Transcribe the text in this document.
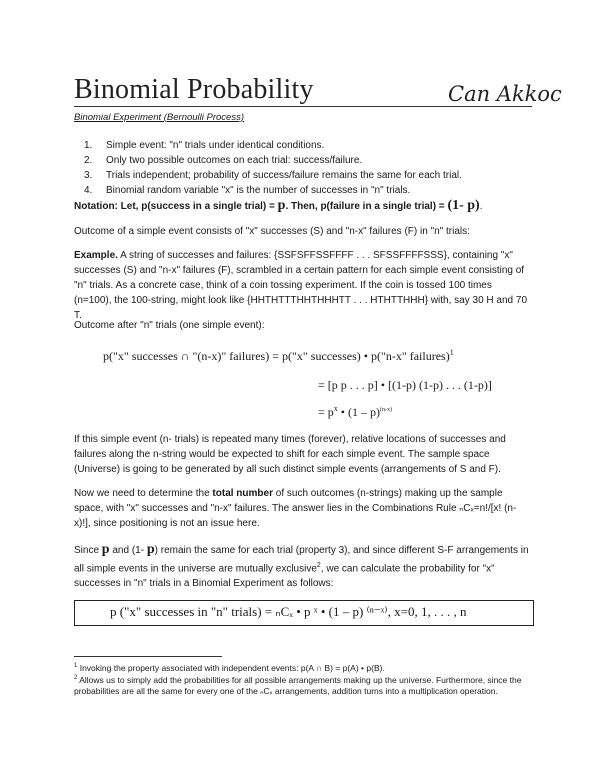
Binomial Probability	Can Akkoc
Binomial Experiment (Bernoulli Process)
1. Simple event: "n" trials under identical conditions.
2. Only two possible outcomes on each trial: success/failure.
3. Trials independent; probability of success/failure remains the same for each trial.
4. Binomial random variable "x" is the number of successes in "n" trials.
Notation: Let, p(success in a single trial) = p. Then, p(failure in a single trial) = (1- p).
Outcome of a simple event consists of "x" successes (S) and "n-x" failures (F) in "n" trials:
Example. A string of successes and failures: {SSFSFFSSFFFF . . . SFSSFFFFSSS}, containing "x" successes (S) and "n-x" failures (F), scrambled in a certain pattern for each simple event consisting of "n" trials. As a concrete case, think of a coin tossing experiment. If the coin is tossed 100 times (n=100), the 100-string, might look like {HHTHTTTHHTHHHTT . . . HTHTTHHH} with, say 30 H and 70 T.
Outcome after "n" trials (one simple event):
p("x" successes ∩ "(n-x)" failures) = p("x" successes) • p("n-x" failures)$^1$
= [p p . . . p] • [(1-p) (1-p) . . . (1-p)]
= $p^x$ • (1 – p)$^{(n-x)}$
If this simple event (n- trials) is repeated many times (forever), relative locations of successes and failures along the n-string would be expected to shift for each simple event. The sample space (Universe) is going to be generated by all such distinct simple events (arrangements of S and F).
Now we need to determine the total number of such outcomes (n-strings) making up the sample space, with "x" successes and "n-x" failures. The answer lies in the Combinations Rule ₙCₓ=n!/[x! (n-x)!], since positioning is not an issue here.
Since p and (1- p) remain the same for each trial (property 3), and since different S-F arrangements in all simple events in the universe are mutually exclusive$^2$, we can calculate the probability for "x" successes in "n" trials in a Binomial Experiment as follows:
p ("x" successes in "n" trials) = ₙCₓ • p ˣ • (1 – p) ⁽ⁿ⁻ˣ⁾, x=0, 1, . . . , n
$^1$ Invoking the property associated with independent events: p(A ∩ B) = p(A) • p(B).
$^2$ Allows us to simply add the probabilities for all possible arrangements making up the universe. Furthermore, since the probabilities are all the same for every one of the ₙCₓ arrangements, addition turns into a multiplication operation.
